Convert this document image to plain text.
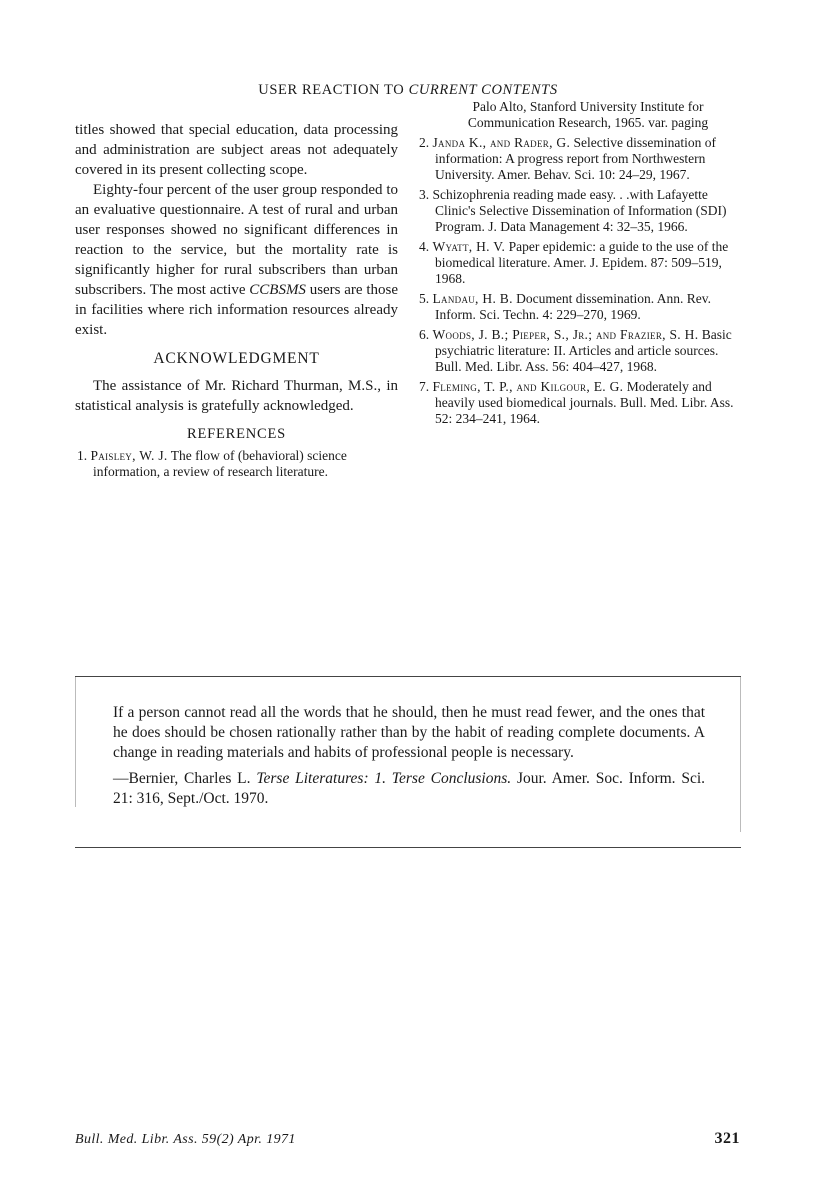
USER REACTION TO CURRENT CONTENTS

titles showed that special education, data processing and administration are subject areas not adequately covered in its present collecting scope.

Eighty-four percent of the user group responded to an evaluative questionnaire. A test of rural and urban user responses showed no significant differences in reaction to the service, but the mortality rate is significantly higher for rural subscribers than urban subscribers. The most active CCBSMS users are those in facilities where rich information resources already exist.

ACKNOWLEDGMENT

The assistance of Mr. Richard Thurman, M.S., in statistical analysis is gratefully acknowledged.

REFERENCES

1. Paisley, W. J. The flow of (behavioral) science information, a review of research literature.

Palo Alto, Stanford University Institute for Communication Research, 1965. var. paging

2. Janda K., and Rader, G. Selective dissemination of information: A progress report from Northwestern University. Amer. Behav. Sci. 10: 24–29, 1967.

3. Schizophrenia reading made easy. . .with Lafayette Clinic's Selective Dissemination of Information (SDI) Program. J. Data Management 4: 32–35, 1966.

4. Wyatt, H. V. Paper epidemic: a guide to the use of the biomedical literature. Amer. J. Epidem. 87: 509–519, 1968.

5. Landau, H. B. Document dissemination. Ann. Rev. Inform. Sci. Techn. 4: 229–270, 1969.

6. Woods, J. B.; Pieper, S., Jr.; and Frazier, S. H. Basic psychiatric literature: II. Articles and article sources. Bull. Med. Libr. Ass. 56: 404–427, 1968.

7. Fleming, T. P., and Kilgour, E. G. Moderately and heavily used biomedical journals. Bull. Med. Libr. Ass. 52: 234–241, 1964.

If a person cannot read all the words that he should, then he must read fewer, and the ones that he does should be chosen rationally rather than by the habit of reading complete documents. A change in reading materials and habits of professional people is necessary.

—Bernier, Charles L. Terse Literatures: 1. Terse Conclusions. Jour. Amer. Soc. Inform. Sci. 21: 316, Sept./Oct. 1970.

Bull. Med. Libr. Ass. 59(2) Apr. 1971	321
